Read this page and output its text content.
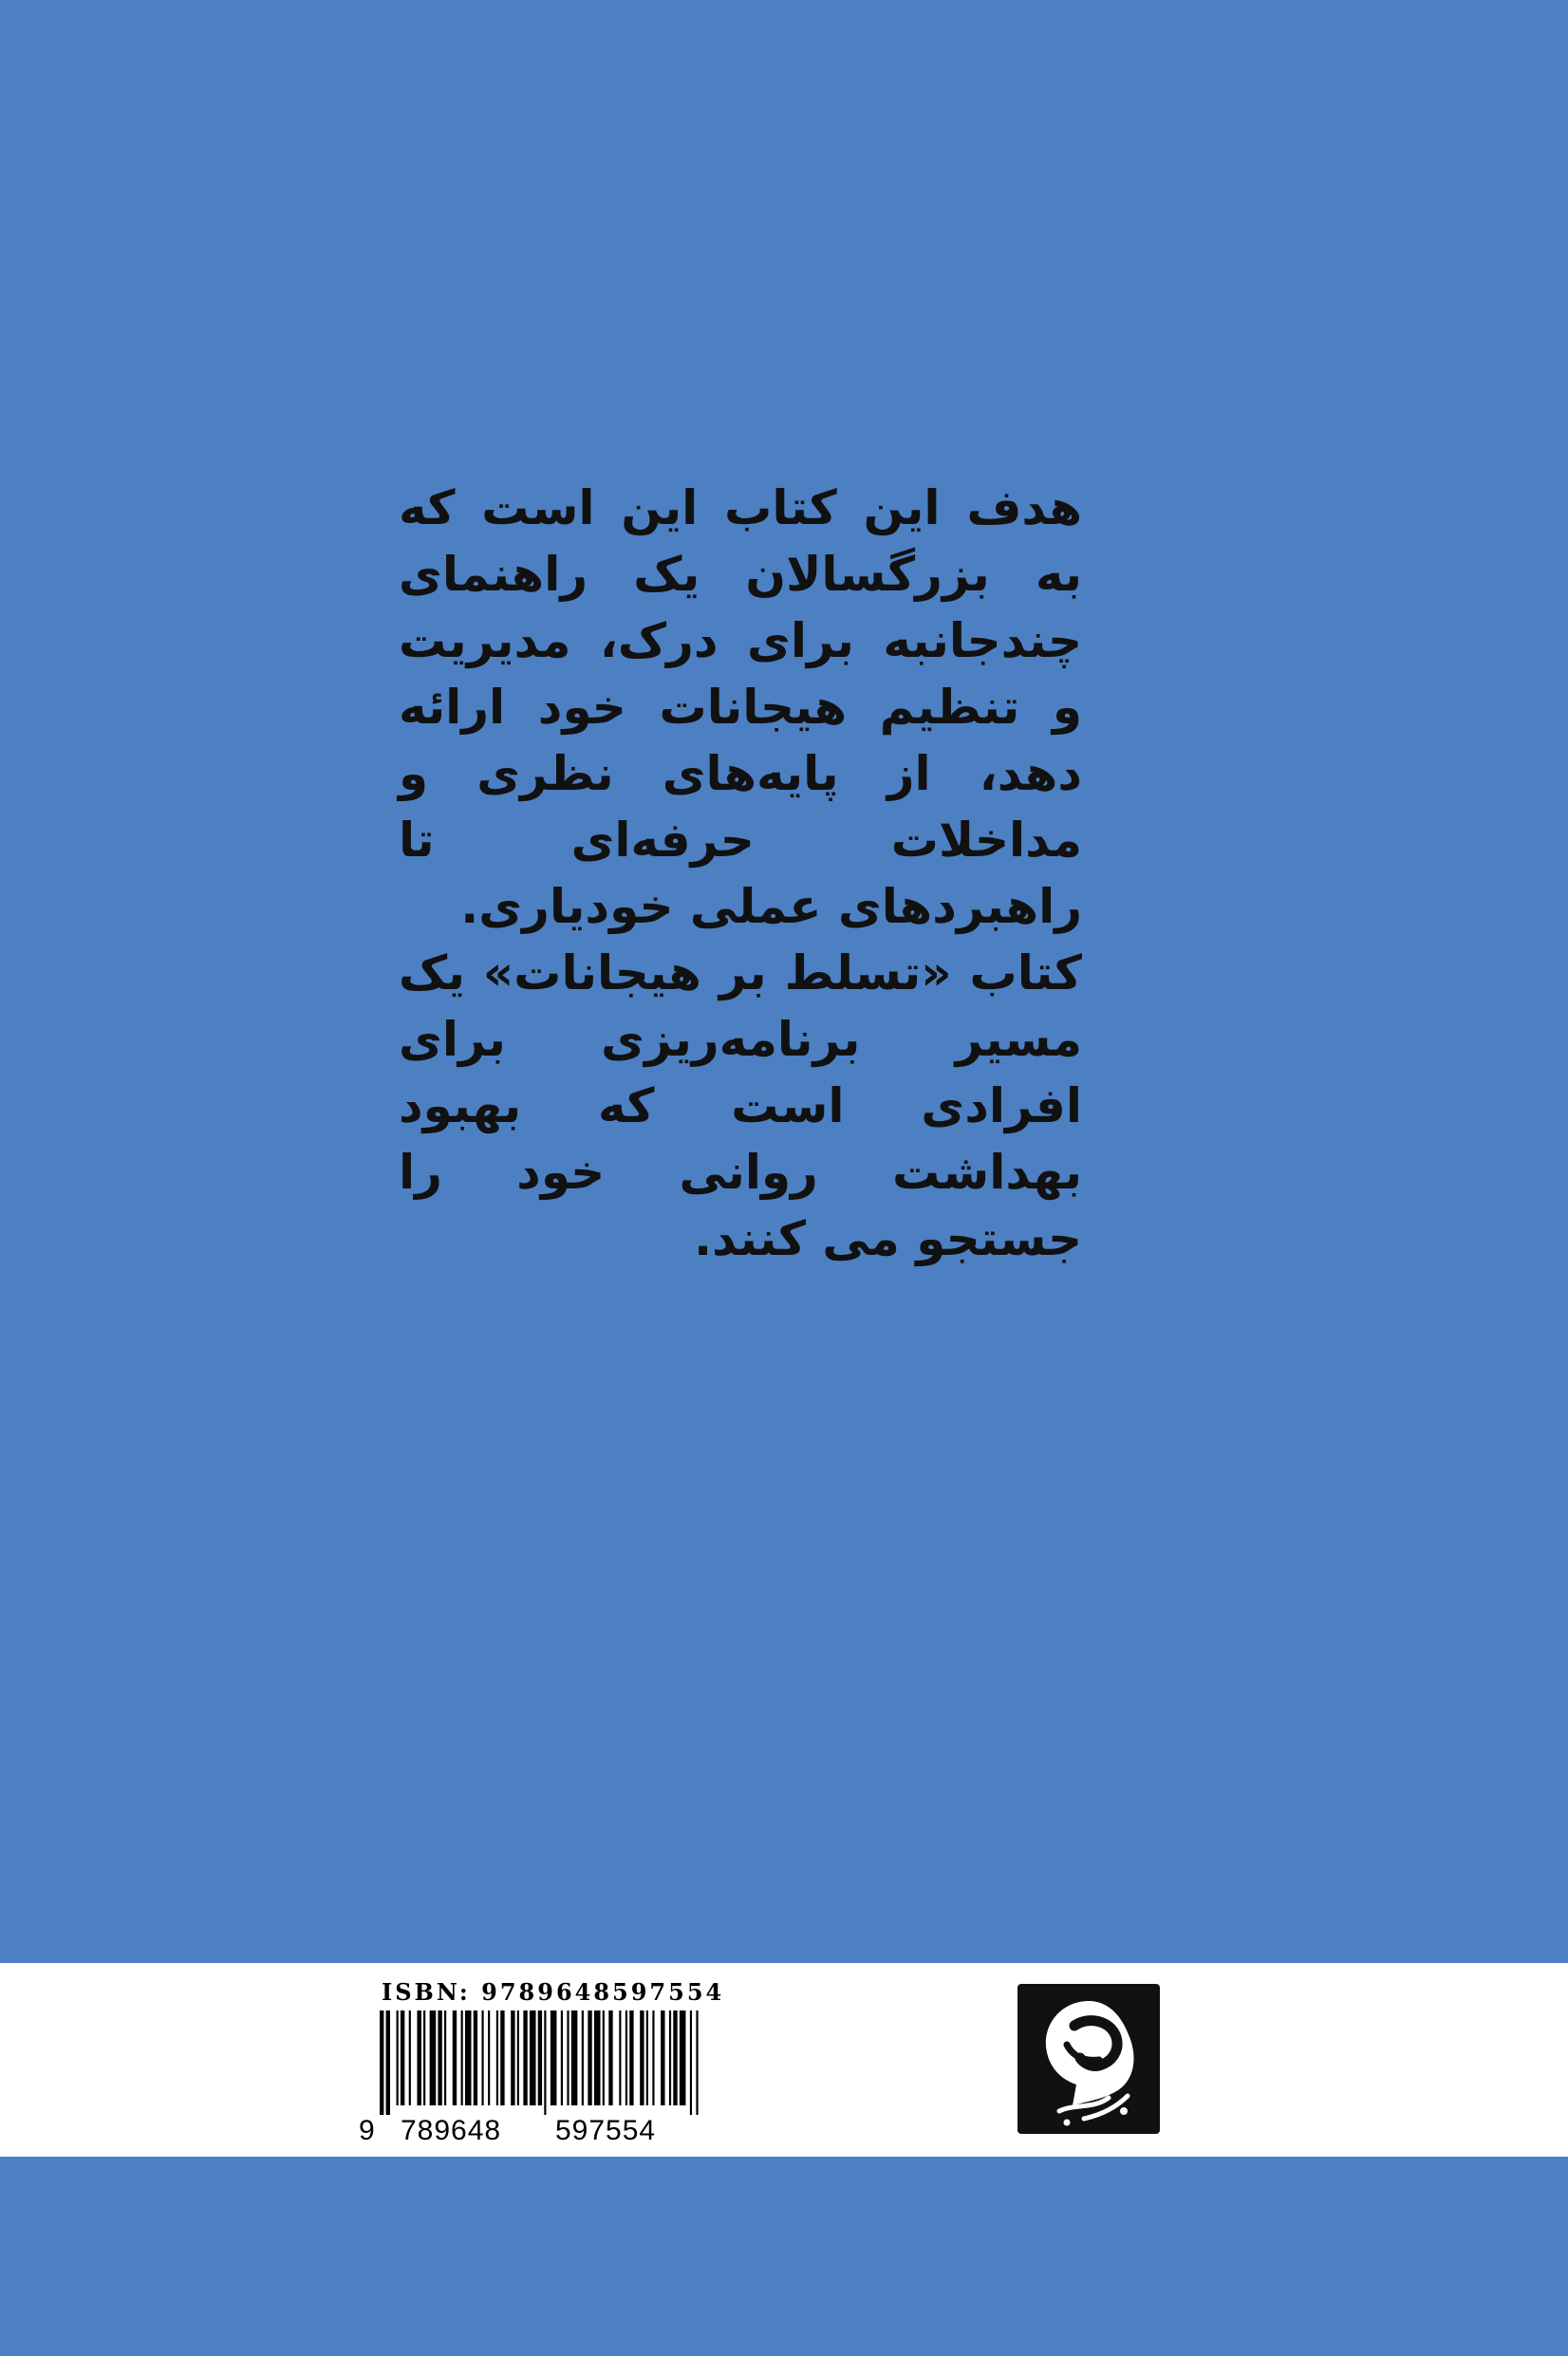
هدف این کتاب این است که به بزرگسالان یک راهنمای چندجانبه برای درک، مدیریت و تنظیم هیجانات خود ارائه دهد، از پایه‌های نظری و مداخلات حرفه‌ای تا راهبردهای عملی خودیاری.

کتاب «تسلط بر هیجانات» یک مسیر برنامه‌ریزی برای افرادی است که بهبود بهداشت روانی خود را جستجو می کنند.

ISBN: 9789648597554
9 789648 597554
